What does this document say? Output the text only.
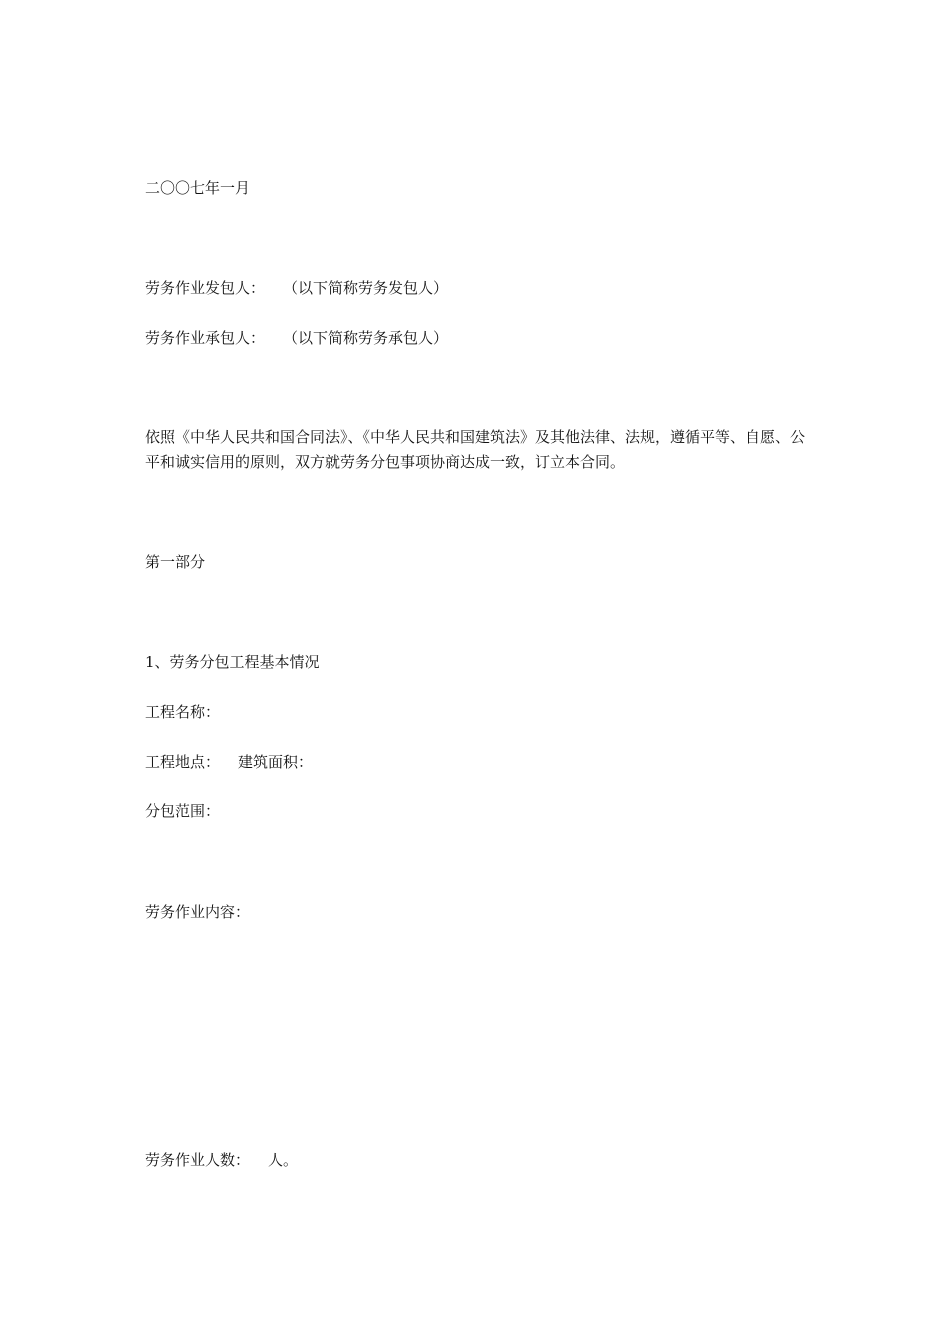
二〇〇七年一月

劳务作业发包人： （以下简称劳务发包人）

劳务作业承包人： （以下简称劳务承包人）

依照《中华人民共和国合同法》、《中华人民共和国建筑法》及其他法律、法规，遵循平等、自愿、公平和诚实信用的原则，双方就劳务分包事项协商达成一致，订立本合同。

第一部分

1、劳务分包工程基本情况

工程名称：

工程地点： 建筑面积：

分包范围：

劳务作业内容：

劳务作业人数： 人。
